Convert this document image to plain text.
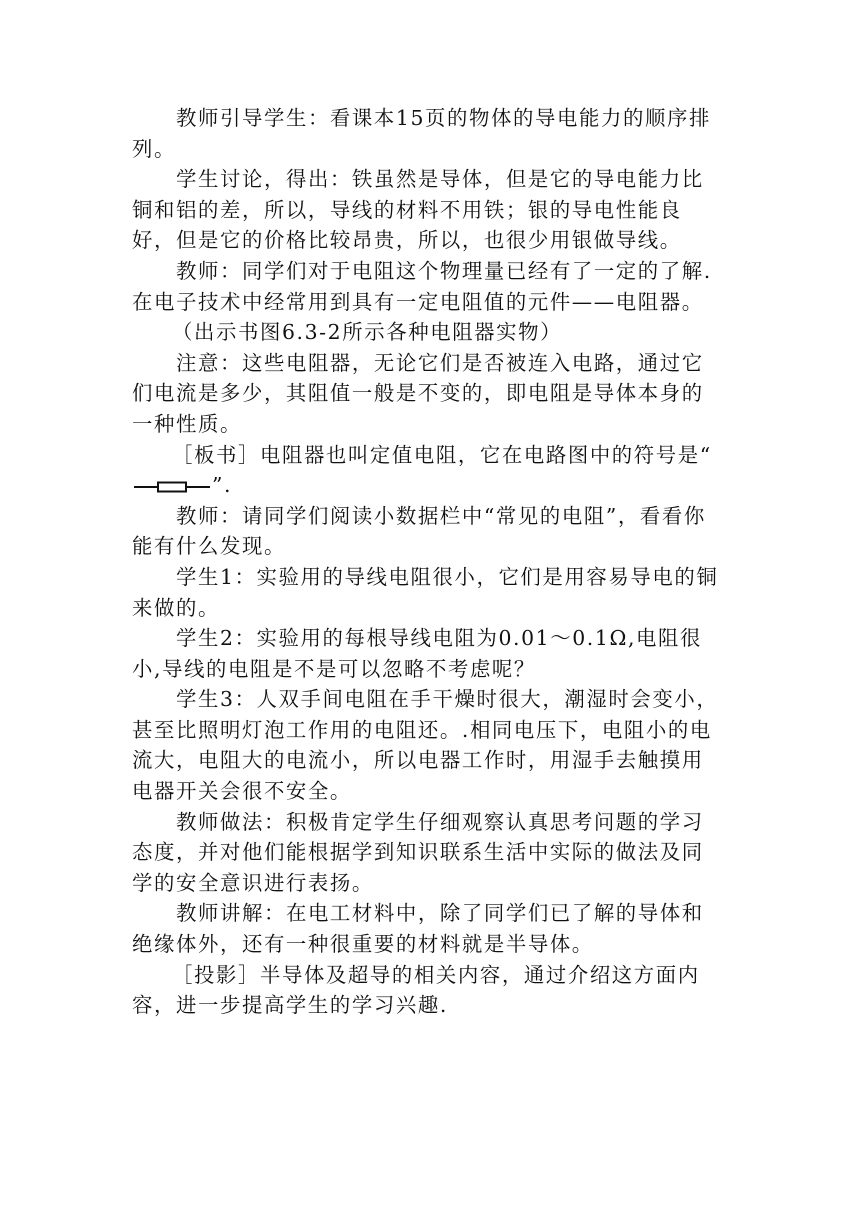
教师引导学生：看课本15页的物体的导电能力的顺序排列。

学生讨论，得出：铁虽然是导体，但是它的导电能力比铜和铝的差，所以，导线的材料不用铁；银的导电性能良好，但是它的价格比较昂贵，所以，也很少用银做导线。

教师：同学们对于电阻这个物理量已经有了一定的了解.在电子技术中经常用到具有一定电阻值的元件——电阻器。

（出示书图6.3-2所示各种电阻器实物）

注意：这些电阻器，无论它们是否被连入电路，通过它们电流是多少，其阻值一般是不变的，即电阻是导体本身的一种性质。

［板书］电阻器也叫定值电阻，它在电路图中的符号是“”.

教师：请同学们阅读小数据栏中“常见的电阻”，看看你能有什么发现。

学生1：实验用的导线电阻很小，它们是用容易导电的铜来做的。

学生2：实验用的每根导线电阻为0.01～0.1Ω,电阻很小,导线的电阻是不是可以忽略不考虑呢？

学生3：人双手间电阻在手干燥时很大，潮湿时会变小，甚至比照明灯泡工作用的电阻还。.相同电压下，电阻小的电流大，电阻大的电流小，所以电器工作时，用湿手去触摸用电器开关会很不安全。

教师做法：积极肯定学生仔细观察认真思考问题的学习态度，并对他们能根据学到知识联系生活中实际的做法及同学的安全意识进行表扬。

教师讲解：在电工材料中，除了同学们已了解的导体和绝缘体外，还有一种很重要的材料就是半导体。

［投影］半导体及超导的相关内容，通过介绍这方面内容，进一步提高学生的学习兴趣.
